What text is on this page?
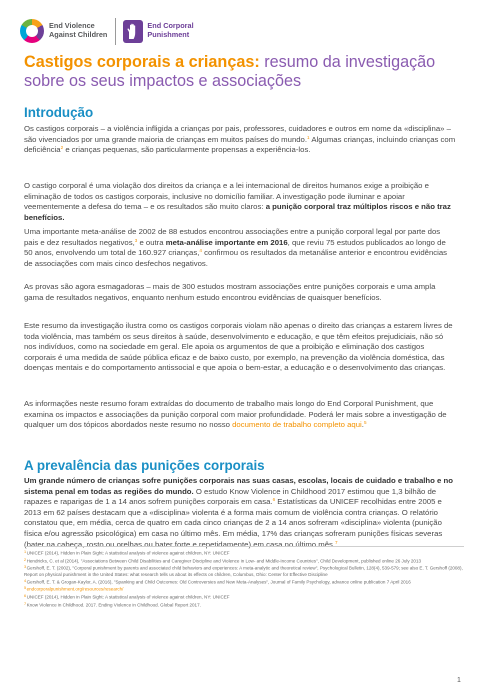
End Violence
Against Children
End Corporal
Punishment
Castigos corporais a crianças: resumo da investigação sobre os seus impactos e associações
Introdução

Os castigos corporais – a violência infligida a crianças por pais, professores, cuidadores e outros em nome da «disciplina» – são vivenciados por uma grande maioria de crianças em muitos países do mundo.$^1$ Algumas crianças, incluindo crianças com deficiência$^2$ e crianças pequenas, são particularmente propensas a experiência-los.

O castigo corporal é uma violação dos direitos da criança e a lei internacional de direitos humanos exige a proibição e eliminação de todos os castigos corporais, inclusive no domicílio familiar. A investigação pode iluminar e apoiar veementemente a defesa do tema – e os resultados são muito claros: a punição corporal traz múltiplos riscos e não traz benefícios.

Uma importante meta-análise de 2002 de 88 estudos encontrou associações entre a punição corporal legal por parte dos pais e dez resultados negativos,$^3$ e outra meta-análise importante em 2016, que reviu 75 estudos publicados ao longo de 50 anos, envolvendo um total de 160.927 crianças,$^4$ confirmou os resultados da metanálise anterior e encontrou evidências de associações com mais cinco desfechos negativos.

As provas são agora esmagadoras – mais de 300 estudos mostram associações entre punições corporais e uma ampla gama de resultados negativos, enquanto nenhum estudo encontrou evidências de quaisquer benefícios.

Este resumo da investigação ilustra como os castigos corporais violam não apenas o direito das crianças a estarem livres de toda violência, mas também os seus direitos à saúde, desenvolvimento e educação, e que têm efeitos prejudiciais, não só nos indivíduos, como na sociedade em geral. Ele apoia os argumentos de que a proibição e eliminação dos castigos corporais é uma medida de saúde pública eficaz e de baixo custo, por exemplo, na prevenção da violência doméstica, das doenças mentais e do comportamento antissocial e que apoia o bem-estar, a educação e o desenvolvimento das crianças.

As informações neste resumo foram extraídas do documento de trabalho mais longo do End Corporal Punishment, que examina os impactos e associações da punição corporal com maior profundidade. Poderá ler mais sobre a investigação de qualquer um dos tópicos abordados neste resumo no nosso documento de trabalho completo aqui.$^5$

A prevalência das punições corporais

Um grande número de crianças sofre punições corporais nas suas casas, escolas, locais de cuidado e trabalho e no sistema penal em todas as regiões do mundo. O estudo Know Violence in Childhood 2017 estimou que 1,3 bilhão de rapazes e raparigas de 1 a 14 anos sofrem punições corporais em casa.$^6$ Estatísticas da UNICEF recolhidas entre 2005 e 2013 em 62 países destacam que a «disciplina» violenta é a forma mais comum de violência contra crianças. O relatório constatou que, em média, cerca de quatro em cada cinco crianças de 2 a 14 anos sofreram «disciplina» violenta (punição física e/ou agressão psicológica) em casa no último mês. Em média, 17% das crianças sofreram punições físicas severas (bater na cabeça, rosto ou orelhas ou bater forte e repetidamente) em casa no último mês.$^7$

$^1$UNICEF (2014), Hidden in Plain Sight: A statistical analysis of violence against children, NY: UNICEF
$^2$Hendricks, C. et al (2014), "Associations Between Child Disabilities and Caregiver Discipline and Violence in Low- and Middle-Income Countries", Child Development, published online 26 July 2013
$^3$Gershoff, E. T. (2002), "Corporal punishment by parents and associated child behaviors and experiences: A meta-analytic and theoretical review", Psychological Bulletin, 128(4), 539-579; see also E. T. Gershoff (2008), Report on physical punishment in the United States: what research tells us about its effects on children, Columbus, Ohio: Center for Effective Discipline
$^4$Gershoff, E. T. & Grogan-Kaylor, A. (2016), "Spanking and Child Outcomes: Old Controversies and New Meta-Analyses", Journal of Family Psychology, advance online publication 7 April 2016
$^5$endcorporalpunishment.org/resources/research/
$^6$UNICEF (2014), Hidden in Plain Sight: A statistical analysis of violence against children, NY: UNICEF
$^7$Know Violence in Childhood. 2017. Ending Violence in Childhood. Global Report 2017.
1
